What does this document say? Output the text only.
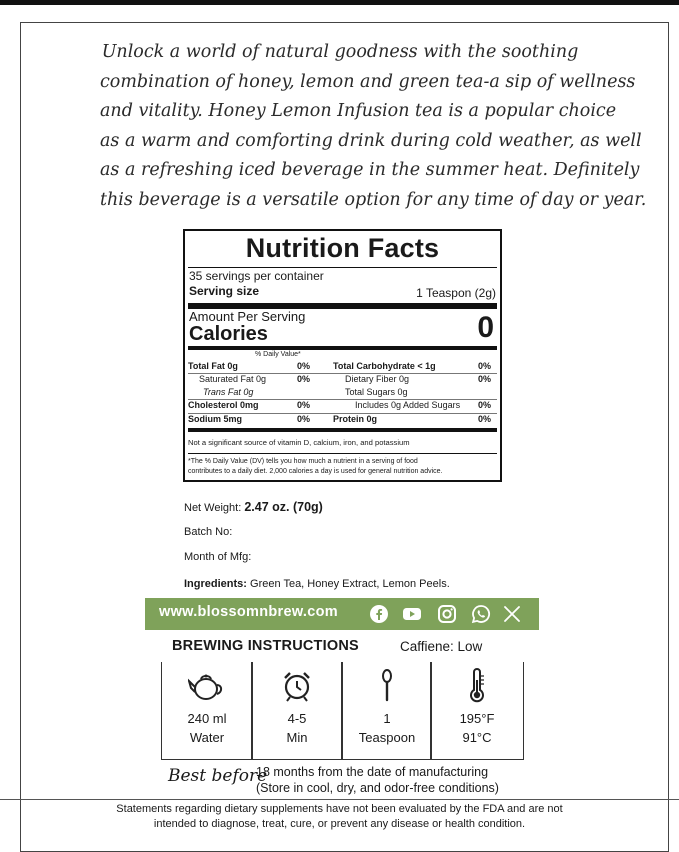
Unlock a world of natural goodness with the soothing
combination of honey, lemon and green tea-a sip of wellness
and vitality. Honey Lemon Infusion tea is a popular choice
as a warm and comforting drink during cold weather, as well
as a refreshing iced beverage in the summer heat. Definitely
this beverage is a versatile option for any time of day or year.
Nutrition Facts
35 servings per container
Serving size	1 Teaspon (2g)
Amount Per Serving
Calories	0
% Daily Value*
Total Fat 0g	0%
Saturated Fat 0g	0%
Trans Fat 0g
Cholesterol 0mg	0%
Sodium 5mg	0%
Total Carbohydrate < 1g	0%
Dietary Fiber 0g	0%
Total Sugars 0g
Includes 0g Added Sugars 0%
Protein 0g	0%
Not a significant source of vitamin D, calcium, iron, and potassium
*The % Daily Value (DV) tells you how much a nutrient in a serving of food
contributes to a daily diet. 2,000 calories a day is used for general nutrition advice.
Net Weight: 2.47 oz. (70g)
Batch No:
Month of Mfg:
Ingredients: Green Tea, Honey Extract, Lemon Peels.
www.blossomnbrew.com
BREWING INSTRUCTIONS	Caffiene: Low
240 ml
Water
4-5
Min
1
Teaspoon
195°F
91°C
Best before
18 months from the date of manufacturing
(Store in cool, dry, and odor-free conditions)
Statements regarding dietary supplements have not been evaluated by the FDA and are not
intended to diagnose, treat, cure, or prevent any disease or health condition.
